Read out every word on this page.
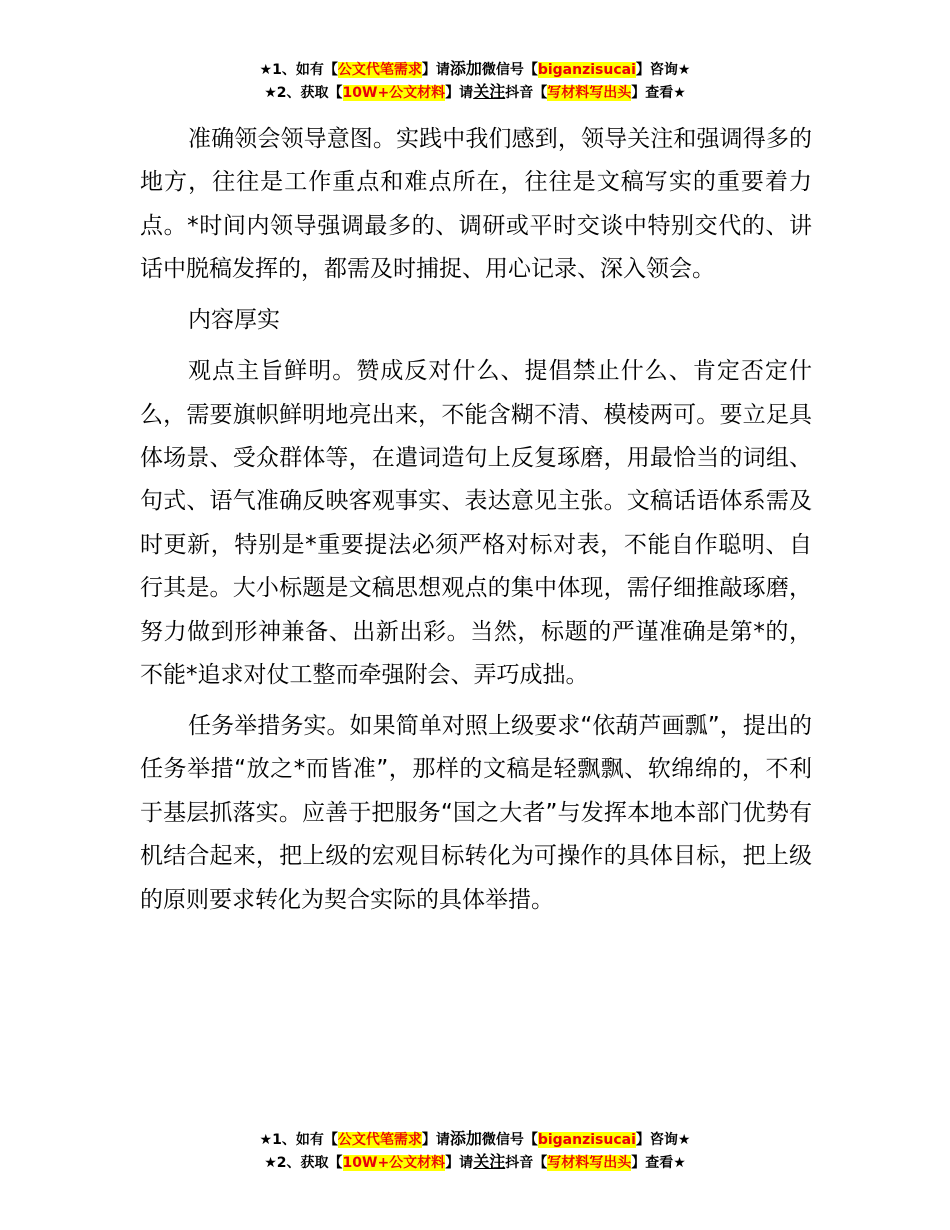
★1、如有【公文代笔需求】请添加微信号【biganzisucai】咨询★
★2、获取【10W+公文材料】请关注抖音【写材料写出头】查看★

准确领会领导意图。实践中我们感到，领导关注和强调得多的地方，往往是工作重点和难点所在，往往是文稿写实的重要着力点。*时间内领导强调最多的、调研或平时交谈中特别交代的、讲话中脱稿发挥的，都需及时捕捉、用心记录、深入领会。

内容厚实

观点主旨鲜明。赞成反对什么、提倡禁止什么、肯定否定什么，需要旗帜鲜明地亮出来，不能含糊不清、模棱两可。要立足具体场景、受众群体等，在遣词造句上反复琢磨，用最恰当的词组、句式、语气准确反映客观事实、表达意见主张。文稿话语体系需及时更新，特别是*重要提法必须严格对标对表，不能自作聪明、自行其是。大小标题是文稿思想观点的集中体现，需仔细推敲琢磨，努力做到形神兼备、出新出彩。当然，标题的严谨准确是第*的，不能*追求对仗工整而牵强附会、弄巧成拙。

任务举措务实。如果简单对照上级要求“依葫芦画瓢”，提出的任务举措“放之*而皆准”，那样的文稿是轻飘飘、软绵绵的，不利于基层抓落实。应善于把服务“国之大者”与发挥本地本部门优势有机结合起来，把上级的宏观目标转化为可操作的具体目标，把上级的原则要求转化为契合实际的具体举措。

★1、如有【公文代笔需求】请添加微信号【biganzisucai】咨询★
★2、获取【10W+公文材料】请关注抖音【写材料写出头】查看★
